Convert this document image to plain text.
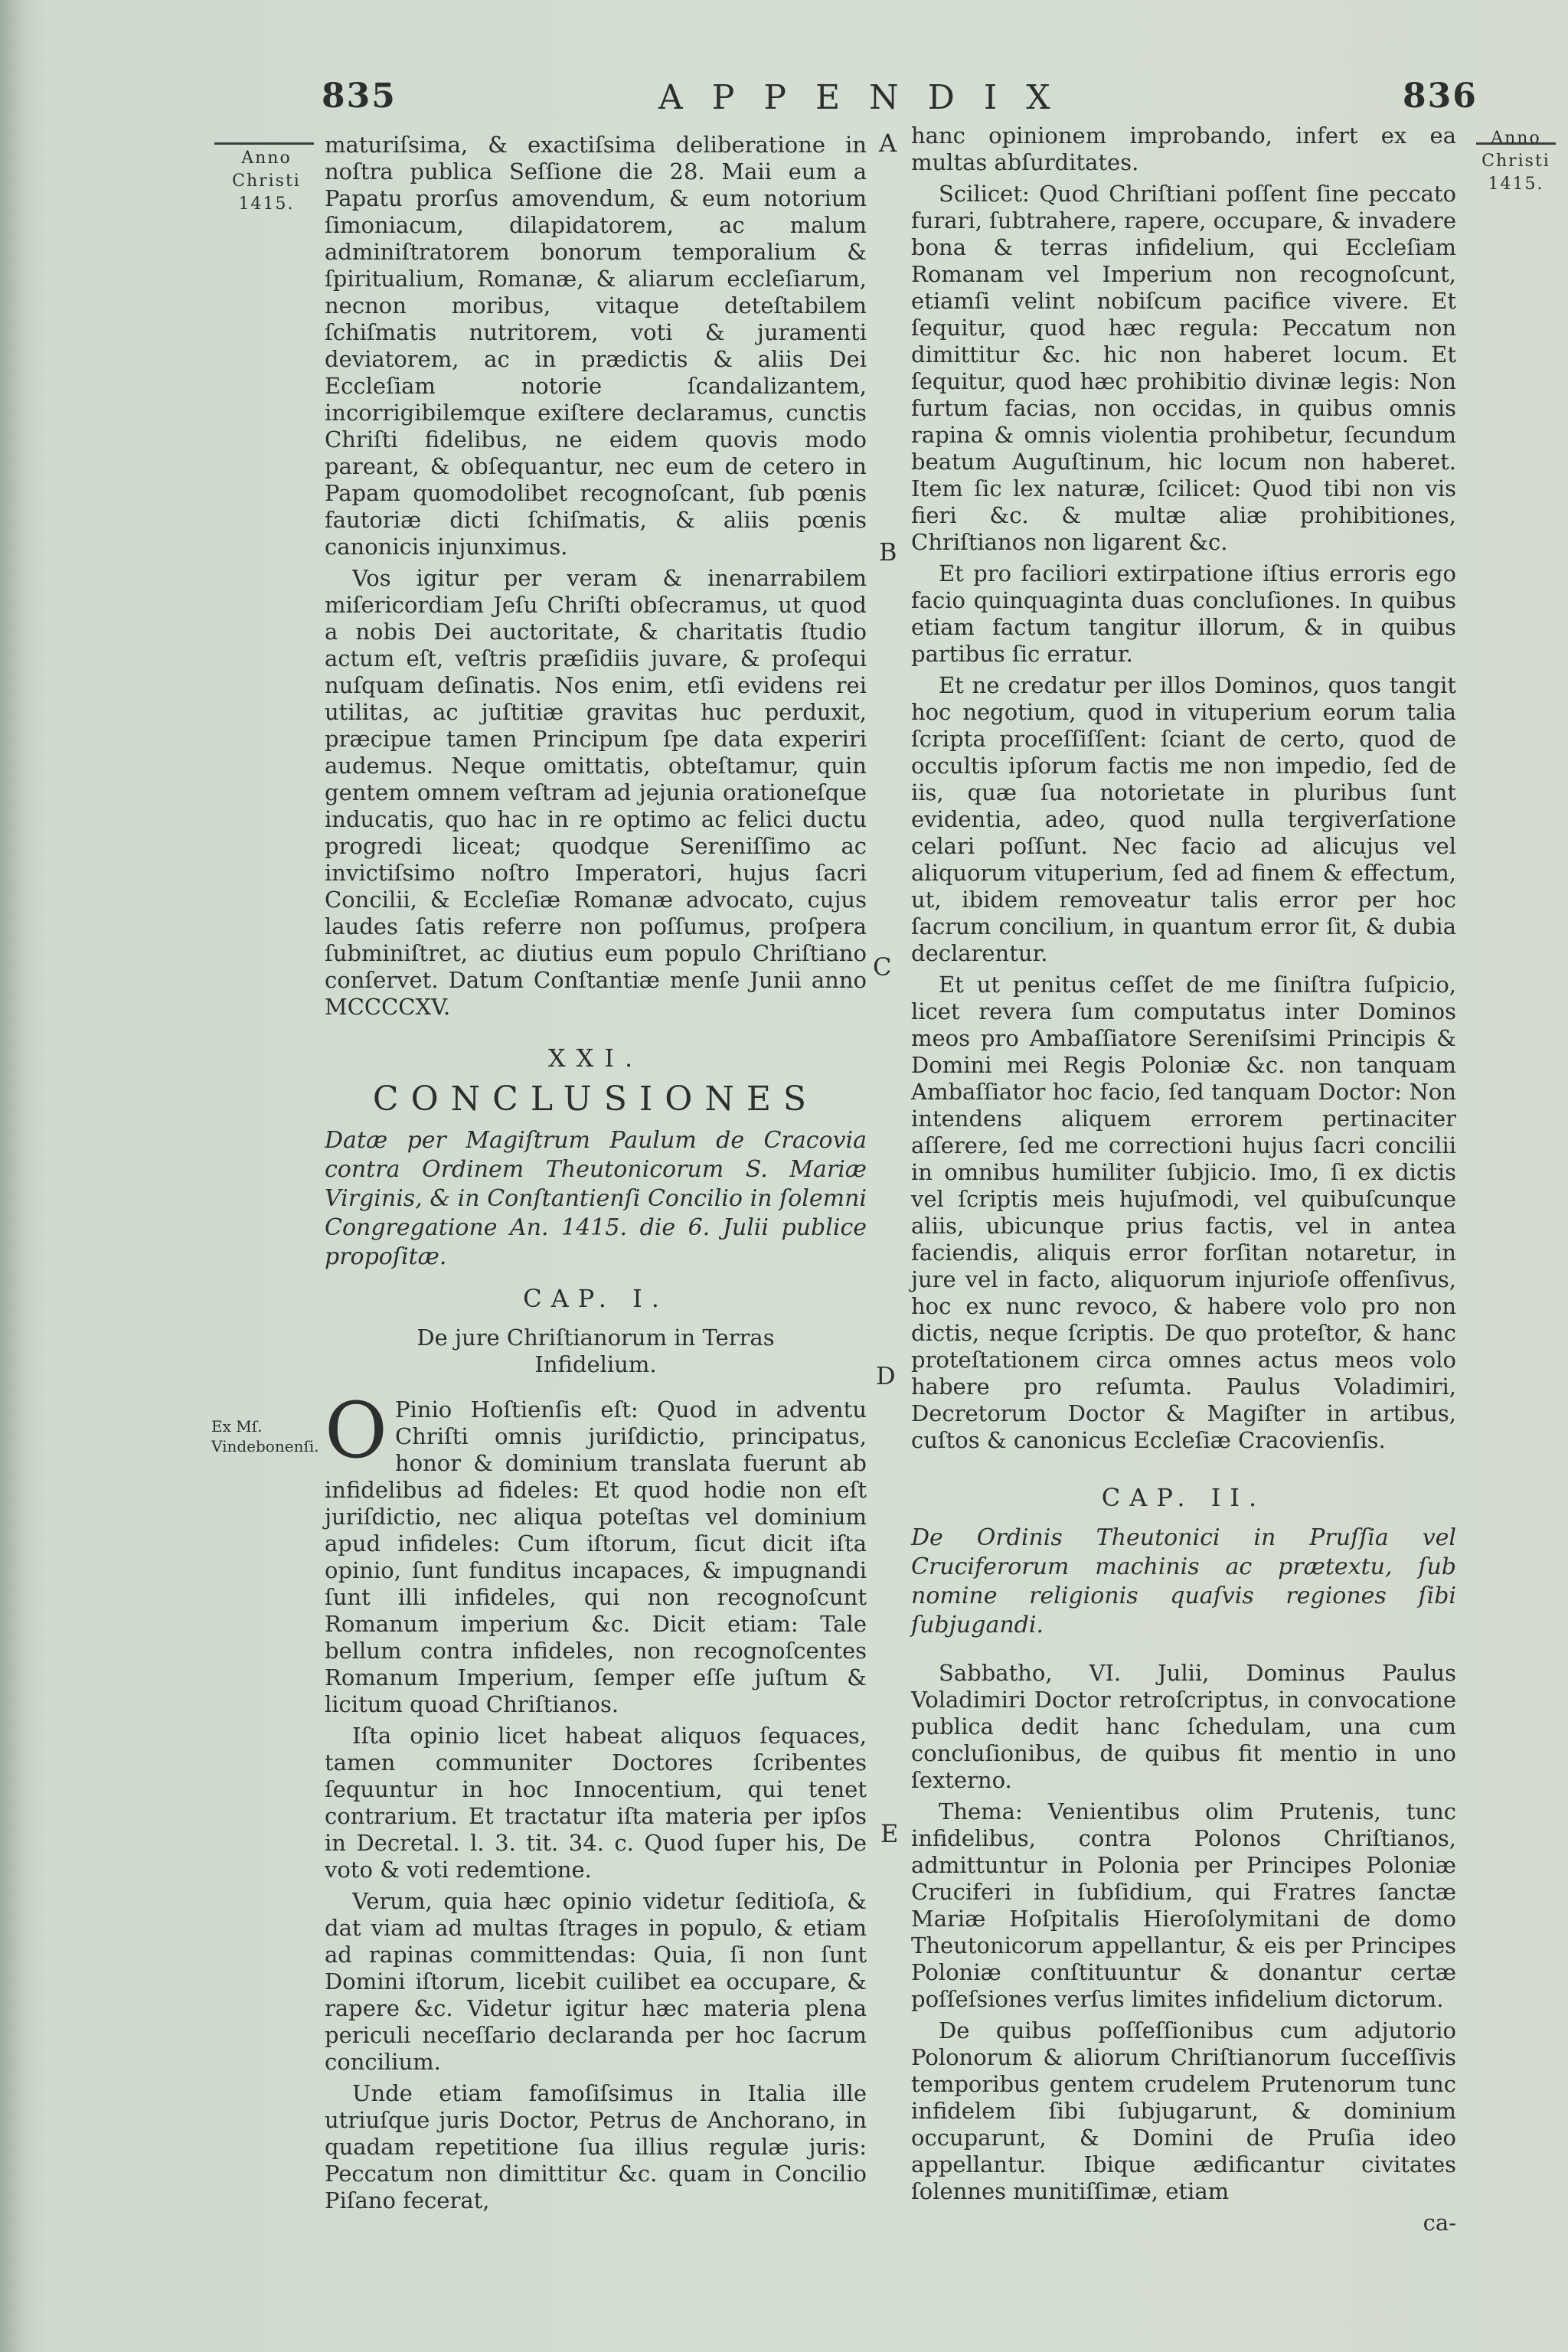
835	APPENDIX	836
Anno
Christi
1415.
Anno
Christi
1415.
Ex Mſ. Vindebonenſi.
A
B
C
D
E

maturiſsima, & exactiſsima deliberatione in noſtra publica Seſſione die 28. Maii eum a Papatu prorſus amovendum, & eum notorium ſimoniacum, dilapidatorem, ac malum adminiſtratorem bonorum temporalium & ſpiritualium, Romanæ, & aliarum eccleſiarum, necnon moribus, vitaque deteſtabilem ſchiſmatis nutritorem, voti & juramenti deviatorem, ac in prædictis & aliis Dei Eccleſiam notorie ſcandalizantem, incorrigibilemque exiſtere declaramus, cunctis Chriſti fidelibus, ne eidem quovis modo pareant, & obſequantur, nec eum de cetero in Papam quomodolibet recognoſcant, ſub pœnis fautoriæ dicti ſchiſmatis, & aliis pœnis canonicis injunximus.

Vos igitur per veram & inenarrabilem miſericordiam Jeſu Chriſti obſecramus, ut quod a nobis Dei auctoritate, & charitatis ſtudio actum eſt, veſtris præſidiis juvare, & proſequi nuſquam deſinatis. Nos enim, etſi evidens rei utilitas, ac juſtitiæ gravitas huc perduxit, præcipue tamen Principum ſpe data experiri audemus. Neque omittatis, obteſtamur, quin gentem omnem veſtram ad jejunia orationeſque inducatis, quo hac in re optimo ac felici ductu progredi liceat; quodque Sereniſſimo ac invictiſsimo noſtro Imperatori, hujus ſacri Concilii, & Eccleſiæ Romanæ advocato, cujus laudes ſatis referre non poſſumus, proſpera ſubminiſtret, ac diutius eum populo Chriſtiano conſervet. Datum Conſtantiæ menſe Junii anno MCCCCXV.

XXI.
CONCLUSIONES
Datæ per Magiſtrum Paulum de Cracovia contra Ordinem Theutonicorum S. Mariæ Virginis, & in Conſtantienſi Concilio in ſolemni Congregatione An. 1415. die 6. Julii publice propoſitæ.
CAP. I.
De jure Chriſtianorum in Terras Infidelium.

O Pinio Hoſtienſis eſt: Quod in adventu Chriſti omnis juriſdictio, principatus, honor & dominium translata fuerunt ab infidelibus ad fideles: Et quod hodie non eſt juriſdictio, nec aliqua poteſtas vel dominium apud infideles: Cum iſtorum, ſicut dicit iſta opinio, ſunt funditus incapaces, & impugnandi ſunt illi infideles, qui non recognoſcunt Romanum imperium &c. Dicit etiam: Tale bellum contra infideles, non recognoſcentes Romanum Imperium, ſemper eſſe juſtum & licitum quoad Chriſtianos.

Iſta opinio licet habeat aliquos ſequaces, tamen communiter Doctores ſcribentes ſequuntur in hoc Innocentium, qui tenet contrarium. Et tractatur iſta materia per ipſos in Decretal. l. 3. tit. 34. c. Quod ſuper his, De voto & voti redemtione.

Verum, quia hæc opinio videtur ſeditioſa, & dat viam ad multas ſtrages in populo, & etiam ad rapinas committendas: Quia, ſi non ſunt Domini iſtorum, licebit cuilibet ea occupare, & rapere &c. Videtur igitur hæc materia plena periculi neceſſario declaranda per hoc ſacrum concilium.

Unde etiam famoſiſsimus in Italia ille utriuſque juris Doctor, Petrus de Anchorano, in quadam repetitione ſua illius regulæ juris: Peccatum non dimittitur &c. quam in Concilio Piſano fecerat,

hanc opinionem improbando, infert ex ea multas abſurditates.

Scilicet: Quod Chriſtiani poſſent ſine peccato furari, ſubtrahere, rapere, occupare, & invadere bona & terras infidelium, qui Eccleſiam Romanam vel Imperium non recognoſcunt, etiamſi velint nobiſcum pacifice vivere. Et ſequitur, quod hæc regula: Peccatum non dimittitur &c. hic non haberet locum. Et ſequitur, quod hæc prohibitio divinæ legis: Non furtum facias, non occidas, in quibus omnis rapina & omnis violentia prohibetur, ſecundum beatum Auguſtinum, hic locum non haberet. Item ſic lex naturæ, ſcilicet: Quod tibi non vis fieri &c. & multæ aliæ prohibitiones, Chriſtianos non ligarent &c.

Et pro faciliori extirpatione iſtius erroris ego facio quinquaginta duas concluſiones. In quibus etiam factum tangitur illorum, & in quibus partibus ſic erratur.

Et ne credatur per illos Dominos, quos tangit hoc negotium, quod in vituperium eorum talia ſcripta proceſſiſſent: ſciant de certo, quod de occultis ipſorum factis me non impedio, ſed de iis, quæ ſua notorietate in pluribus ſunt evidentia, adeo, quod nulla tergiverſatione celari poſſunt. Nec facio ad alicujus vel aliquorum vituperium, ſed ad finem & effectum, ut, ibidem removeatur talis error per hoc ſacrum concilium, in quantum error ſit, & dubia declarentur.

Et ut penitus ceſſet de me ſiniſtra ſuſpicio, licet revera ſum computatus inter Dominos meos pro Ambaſſiatore Sereniſsimi Principis & Domini mei Regis Poloniæ &c. non tanquam Ambaſſiator hoc facio, ſed tanquam Doctor: Non intendens aliquem errorem pertinaciter aſſerere, ſed me correctioni hujus ſacri concilii in omnibus humiliter ſubjicio. Imo, ſi ex dictis vel ſcriptis meis hujuſmodi, vel quibuſcunque aliis, ubicunque prius factis, vel in antea faciendis, aliquis error forſitan notaretur, in jure vel in facto, aliquorum injurioſe offenſivus, hoc ex nunc revoco, & habere volo pro non dictis, neque ſcriptis. De quo proteſtor, & hanc proteſtationem circa omnes actus meos volo habere pro reſumta. Paulus Voladimiri, Decretorum Doctor & Magiſter in artibus, cuſtos & canonicus Eccleſiæ Cracovienſis.

CAP. II.
De Ordinis Theutonici in Pruſſia vel Cruciferorum machinis ac prætextu, ſub nomine religionis quaſvis regiones ſibi ſubjugandi.

Sabbatho, VI. Julii, Dominus Paulus Voladimiri Doctor retroſcriptus, in convocatione publica dedit hanc ſchedulam, una cum concluſionibus, de quibus fit mentio in uno ſexterno.

Thema: Venientibus olim Prutenis, tunc infidelibus, contra Polonos Chriſtianos, admittuntur in Polonia per Principes Poloniæ Cruciferi in ſubſidium, qui Fratres ſanctæ Mariæ Hoſpitalis Hieroſolymitani de domo Theutonicorum appellantur, & eis per Principes Poloniæ conſtituuntur & donantur certæ poſſeſsiones verſus limites infidelium dictorum.

De quibus poſſeſſionibus cum adjutorio Polonorum & aliorum Chriſtianorum ſucceſſivis temporibus gentem crudelem Prutenorum tunc infidelem ſibi ſubjugarunt, & dominium occuparunt, & Domini de Pruſia ideo appellantur. Ibique ædificantur civitates ſolennes munitiſſimæ, etiam

ca-
